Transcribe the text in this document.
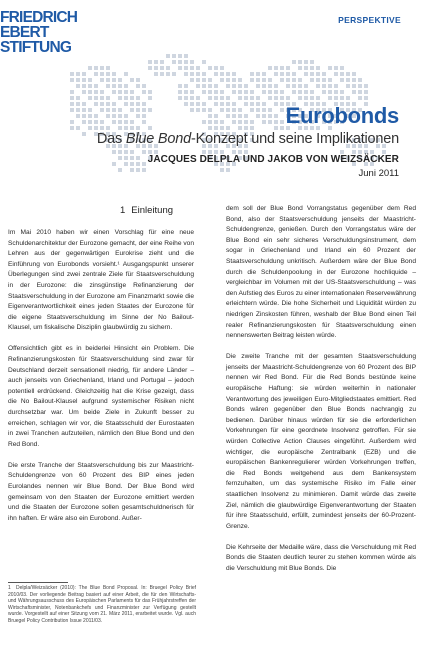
FRIEDRICH
EBERT
STIFTUNG
PERSPEKTIVE
Eurobonds
Das Blue Bond-Konzept und seine Implikationen
JACQUES DELPLA UND JAKOB VON WEIZSÄCKER
Juni 2011
1 Einleitung

Im Mai 2010 haben wir einen Vorschlag für eine neue Schuldenarchitektur der Eurozone gemacht, der eine Reihe von Lehren aus der gegenwärtigen Eurokrise zieht und die Einführung von Eurobonds vorsieht.¹ Ausgangspunkt unserer Überlegungen sind zwei zentrale Ziele für Staatsverschuldung in der Eurozone: die zinsgünstige Refinanzierung der Staatsverschuldung in der Eurozone am Finanzmarkt sowie die Eigenverantwortlichkeit eines jeden Staates der Eurozone für die eigene Staatsverschuldung im Sinne der No Bailout-Klausel, um fiskalische Disziplin glaubwürdig zu sichern.

Offensichtlich gibt es in beiderlei Hinsicht ein Problem. Die Refinanzierungskosten für Staatsverschuldung sind zwar für Deutschland derzeit sensationell niedrig, für andere Länder – auch jenseits von Griechenland, Irland und Portugal – jedoch potentiell erdrückend. Gleichzeitig hat die Krise gezeigt, dass die No Bailout-Klausel aufgrund systemischer Risiken nicht durchsetzbar war. Um beide Ziele in Zukunft besser zu erreichen, schlagen wir vor, die Staatsschuld der Eurostaaten in zwei Tranchen aufzuteilen, nämlich den Blue Bond und den Red Bond.

Die erste Tranche der Staatsverschuldung bis zur Maastricht-Schuldengrenze von 60 Prozent des BIP eines jeden Eurolandes nennen wir Blue Bond. Der Blue Bond wird gemeinsam von den Staaten der Eurozone emittiert werden und die Staaten der Eurozone sollen gesamtschuldnerisch für ihn haften. Er wäre also ein Eurobond. Außer-

dem soll der Blue Bond Vorrangstatus gegenüber dem Red Bond, also der Staatsverschuldung jenseits der Maastricht-Schuldengrenze, genießen. Durch den Vorrangstatus wäre der Blue Bond ein sehr sicheres Verschuldungsinstrument, dem sogar in Griechenland und Irland ein 60 Prozent der Staatsverschuldung unkritisch. Außerdem wäre der Blue Bond durch die Schuldenpoolung in der Eurozone hochliquide – vergleichbar im Volumen mit der US-Staatsverschuldung – was den Aufstieg des Euros zu einer internationalen Reservewährung erleichtern würde. Die hohe Sicherheit und Liquidität würden zu niedrigen Zinskosten führen, weshalb der Blue Bond einen Teil realer Refinanzierungskosten für Staatsverschuldung einen nennenswerten Beitrag leisten würde.

Die zweite Tranche mit der gesamten Staatsverschuldung jenseits der Maastricht-Schuldengrenze von 60 Prozent des BIP nennen wir Red Bond. Für die Red Bonds bestünde keine europäische Haftung: sie würden weiterhin in nationaler Verantwortung des jeweiligen Euro-Mitgliedstaates emittiert. Red Bonds wären gegenüber den Blue Bonds nachrangig zu bedienen. Darüber hinaus würden für sie die erforderlichen Vorkehrungen für eine geordnete Insolvenz getroffen. Für sie würden Collective Action Clauses eingeführt. Außerdem wird wichtiger, die europäische Zentralbank (EZB) und die europäischen Bankenregulierer würden Vorkehrungen treffen, die Red Bonds weitgehend aus dem Bankensystem fernzuhalten, um das systemische Risiko im Falle einer staatlichen Insolvenz zu minimieren. Damit würde das zweite Ziel, nämlich die glaubwürdige Eigenverantwortung der Staaten für ihre Staatsschuld, erfüllt, zumindest jenseits der 60-Prozent-Grenze.

Die Kehrseite der Medaille wäre, dass die Verschuldung mit Red Bonds die Staaten deutlich teurer zu stehen kommen würde als die Verschuldung mit Blue Bonds. Die

1 Delpla/Weizsäcker (2010): The Blue Bond Proposal. In: Bruegel Policy Brief 2010/03. Der vorliegende Beitrag basiert auf einer Arbeit, die für den Wirtschafts- und Währungsausschuss des Europäischen Parlaments für das Frühjahrstreffen der Wirtschaftsminister, Notenbankchefs und Finanzminister zur Verfügung gestellt wurde. Vorgestellt auf einer Sitzung vom 21. März 2011, erarbeitet wurde. Vgl. auch Bruegel Policy Contribution Issue 2011/03.
